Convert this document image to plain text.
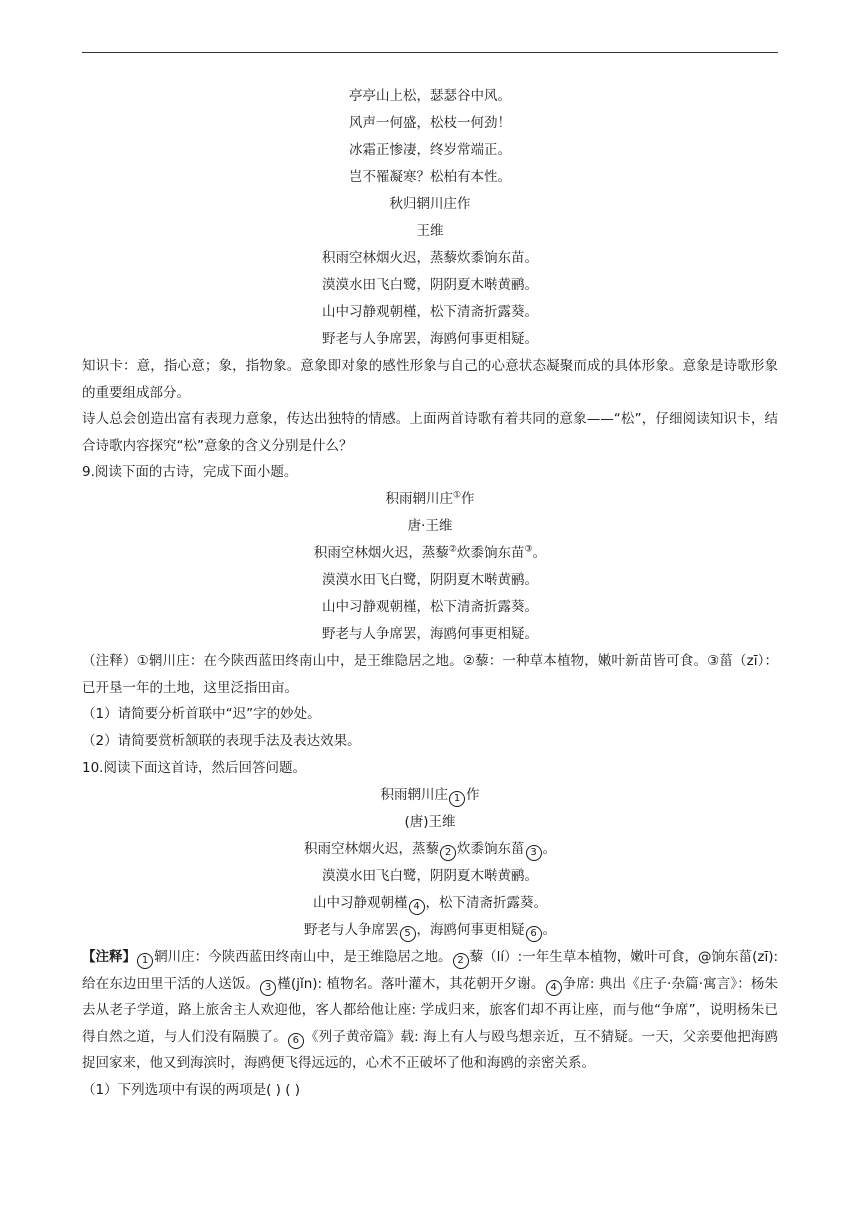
亭亭山上松，瑟瑟谷中风。
风声一何盛，松枝一何劲！
冰霜正惨凄，终岁常端正。
岂不罹凝寒？松柏有本性。
秋归辋川庄作
王维
积雨空林烟火迟，蒸藜炊黍饷东苗。
漠漠水田飞白鹭，阴阴夏木啭黄鹂。
山中习静观朝槿，松下清斋折露葵。
野老与人争席罢，海鸥何事更相疑。
知识卡：意，指心意；象，指物象。意象即对象的感性形象与自己的心意状态凝聚而成的具体形象。意象是诗歌形象的重要组成部分。
诗人总会创造出富有表现力意象，传达出独特的情感。上面两首诗歌有着共同的意象——“松”，仔细阅读知识卡，结合诗歌内容探究“松”意象的含义分别是什么？
9.阅读下面的古诗，完成下面小题。
积雨辋川庄①作
唐·王维
积雨空林烟火迟，蒸藜②炊黍饷东苗③。
漠漠水田飞白鹭，阴阴夏木啭黄鹂。
山中习静观朝槿，松下清斋折露葵。
野老与人争席罢，海鸥何事更相疑。
（注释）①辋川庄：在今陕西蓝田终南山中，是王维隐居之地。②藜：一种草本植物，嫩叶新苗皆可食。③菑（zī）：已开垦一年的土地，这里泛指田亩。
（1）请简要分析首联中“迟”字的妙处。
（2）请简要赏析颔联的表现手法及表达效果。
10.阅读下面这首诗，然后回答问题。
积雨辋川庄 1 作
(唐)王维
积雨空林烟火迟，蒸藜 2 炊黍饷东菑 3 。
漠漠水田飞白鹭，阴阴夏木啭黄鹂。
山中习静观朝槿 4 ，松下清斋折露葵。
野老与人争席罢 5 ，海鸥何事更相疑 6 。
【注释】 1 辋川庄：今陕西蓝田终南山中，是王维隐居之地。 2 藜（lí）:一年生草本植物，嫩叶可食，@饷东菑(zī): 给在东边田里干活的人送饭。 3 槿(jǐn): 植物名。落叶灌木，其花朝开夕谢。 4 争席: 典出《庄子·杂篇·寓言》：杨朱去从老子学道，路上旅舍主人欢迎他，客人都给他让座: 学成归来，旅客们却不再让座，而与他“争席”，说明杨朱已得自然之道，与人们没有隔膜了。 6 《列子黄帝篇》载: 海上有人与殴鸟想亲近，互不猜疑。一天，父亲要他把海鸥捉回家来，他又到海滨时，海鸥便飞得远远的，心术不正破坏了他和海鸥的亲密关系。
（1）下列选项中有误的两项是( ) ( )
